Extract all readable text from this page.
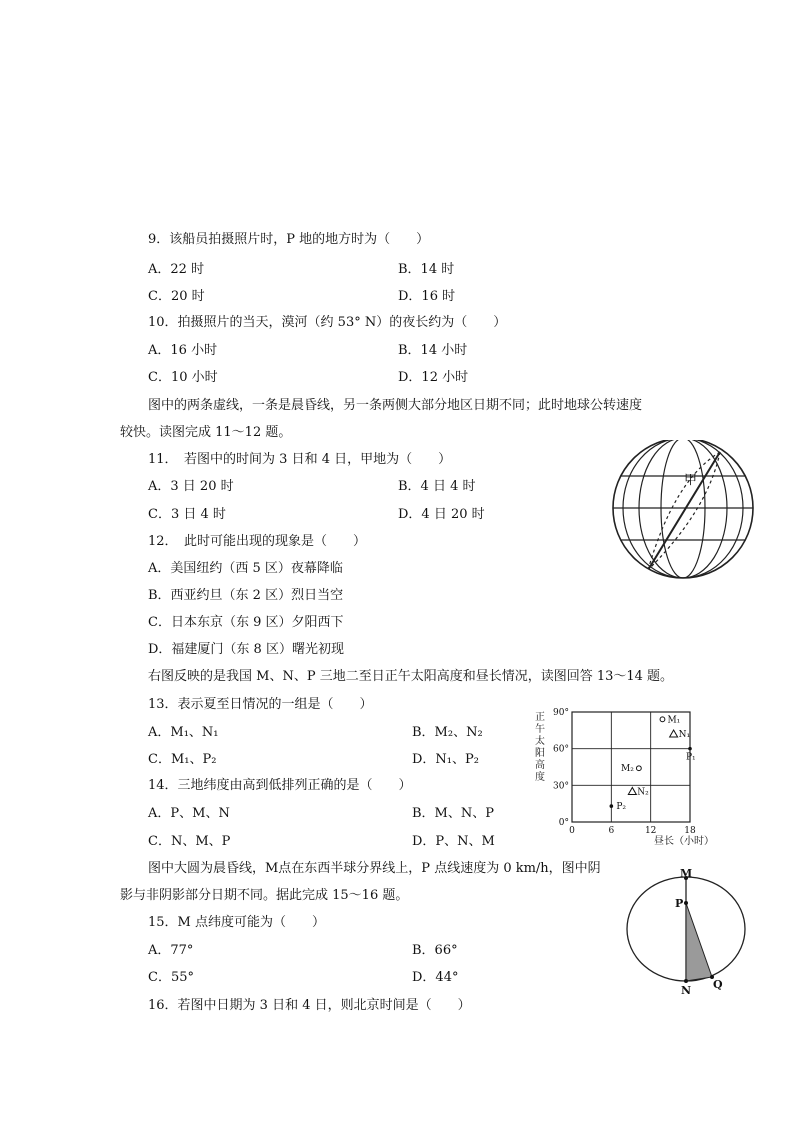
9．该船员拍摄照片时，P 地的地方时为（　　）
A．22 时	B．14 时
C．20 时	D．16 时
10．拍摄照片的当天，漠河（约 53° N）的夜长约为（　　）
A．16 小时	B．14 小时
C．10 小时	D．12 小时
图中的两条虚线，一条是晨昏线，另一条两侧大部分地区日期不同；此时地球公转速度
较快。读图完成 11～12 题。
11．　若图中的时间为 3 日和 4 日，甲地为（　　）
A．3 日 20 时	B．4 日 4 时
C．3 日 4 时	D．4 日 20 时
甲
12．　此时可能出现的现象是（　　）
A．美国纽约（西 5 区）夜幕降临
B．西亚约旦（东 2 区）烈日当空
C．日本东京（东 9 区）夕阳西下
D．福建厦门（东 8 区）曙光初现
右图反映的是我国 M、N、P 三地二至日正午太阳高度和昼长情况，读图回答 13～14 题。
13．表示夏至日情况的一组是（　　）
A．M₁、N₁	B．M₂、N₂
C．M₁、P₂	D．N₁、P₂
14．三地纬度由高到低排列正确的是（　　）
A．P、M、N	B．M、N、P
C．N、M、P	D．P、N、M
正
午
太
阳
高
度
0	6	12	18
0°
30°
60°
90°
M₁
N₁
P₁
M₂
N₂
P₂
昼长（小时）
图中大圆为晨昏线，M点在东西半球分界线上，P 点线速度为 0 km/h，图中阴
影与非阴影部分日期不同。据此完成 15～16 题。
15．M 点纬度可能为（　　）
A．77°	B．66°
C．55°	D．44°
16．若图中日期为 3 日和 4 日，则北京时间是（　　）
M
P
N Q
